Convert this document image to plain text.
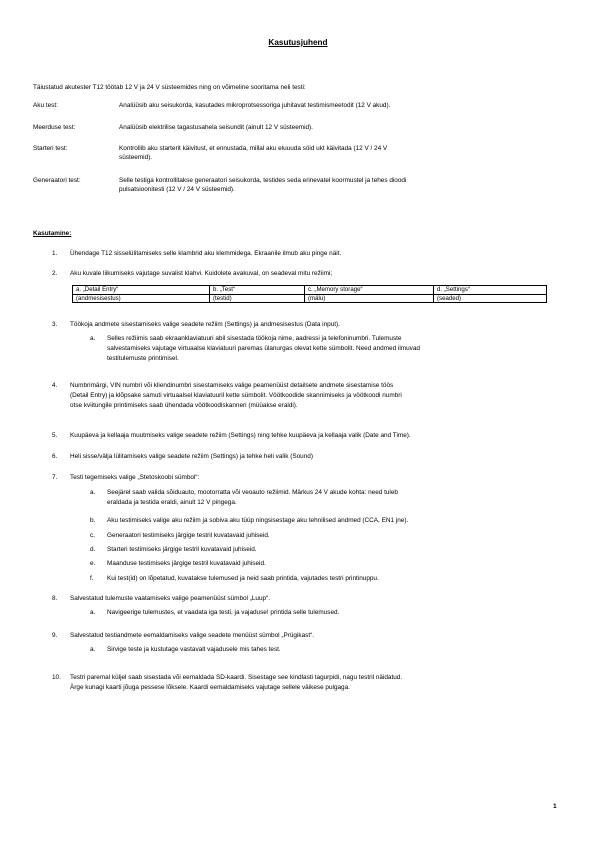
Kasutusjuhend
Täiustatud akutester T12 töötab 12 V ja 24 V süsteemides ning on võimeline sooritama neli testi:
Aku test:	Analüüsib aku seisukorda, kasutades mikroprotsessoriga juhitavat testimismeetodit (12 V akud).
Meerduse test:	Analüüsib elektrilise tagastusahela seisundit (ainult 12 V süsteemid).
Starteri test:	Kontrollib aku starterit käivitust, et ennustada, millal aku eluuuda söid ukt käivitada (12 V / 24 V
süsteemid).
Generaatori test:	Selle testiga kontrollitakse generaatori seisukorda, testides seda erinevatel koormustel ja tehes dioodi
pulsatsioonitesti (12 V / 24 V süsteemid).
Kasutamine:
1. Ühendage T12 sisselülitamiseks selle klambrid aku klemmidega. Ekraanile ilmub aku pinge näit.
2. Aku kuvale liikumiseks vajutage suvalist klahvi. Kuidolete avakuval, on seadeval mitu režiimi;
a. „Detail Entry“	b. „Test“	c. „Memory storage“	d. „Settings“
(andmesisestus)	(testid)	(mälu)	(seaded)
3. Töökoja andmete sisestamiseks valige seadete režiim (Settings) ja andmesisestus (Data input).
a. Selles režiimis saab ekraanklaviatuuri abil sisestada töökoja nime, aadressi ja telefoninumbri. Tulemuste
salvestamiseks vajutage virtuaalse klaviatuuri paremas ülanurgas olevat kette sümbolit. Need andmed ilmuvad
testitulemuste printimisel.
4. Numbrimärgi, VIN numbri või kliendinumbri sisestamiseks valige peamenüüst detailsete andmete sisestamise töös
(Detail Entry) ja klõpsake samuti virtuaalsel klaviatuuril kette sümbolit. Vöötkoodide skannimiseks ja vöötkoodi numbri
otse kviitungile printimiseks saab ühendada vöötkoodiskanneri (müüakse eraldi).
5. Kuupäeva ja kellaaja muutmiseks valige seadete režiim (Settings) ning tehke kuupäeva ja kellaaja valik (Date and Time).
6. Heli sisse/välja lülitamiseks valige seadete režiim (Settings) ja tehke heli valik (Sound)
7. Testi tegemiseks valige „Stetoskoobi sümbol“:
a. Seejärel saab valida sõiduauto, mootorratta või veoauto režiimid. Märkus 24 V akude kohta: need tuleb
eraldada ja testida eraldi, ainult 12 V pingega.
b. Aku testimiseks valige aku režiim ja sobiva aku tüüp ningsisestage aku tehnilised andmed (CCA, EN1 jne).
c. Generaatori testimiseks järgige testril kuvatavaid juhiseid.
d. Starteri testimiseks järgige testril kuvatavaid juhiseid.
e. Maanduse testimiseks järgige testril kuvatavaid juhiseid.
f. Kui test(id) on lõpetatud, kuvatakse tulemused ja neid saab printida, vajutades testri printinuppu.
8. Salvestatud tulemuste vaatamiseks valige peamenüüst sümbol „Luup“.
a. Navigeerige tulemustes, et vaadata iga testi, ja vajaduse! printida selle tulemused.
9. Salvestatud testiandmete eemaldamiseks valige seadete menüüst sümbol „Prügikast“.
a. Sirvige teste ja kustutage vastavalt vajadusele mis tahes test.
10. Testri paremal küljel saab sisestada või eemaldada SD-kaardi. Sisestage see kindlasti tagurpidi, nagu testril näidatud.
Ärge kunagi kaarti jõuga pessese lõksele. Kaardi eemaldamiseks vajutage sellele väikese pulgaga.
1
